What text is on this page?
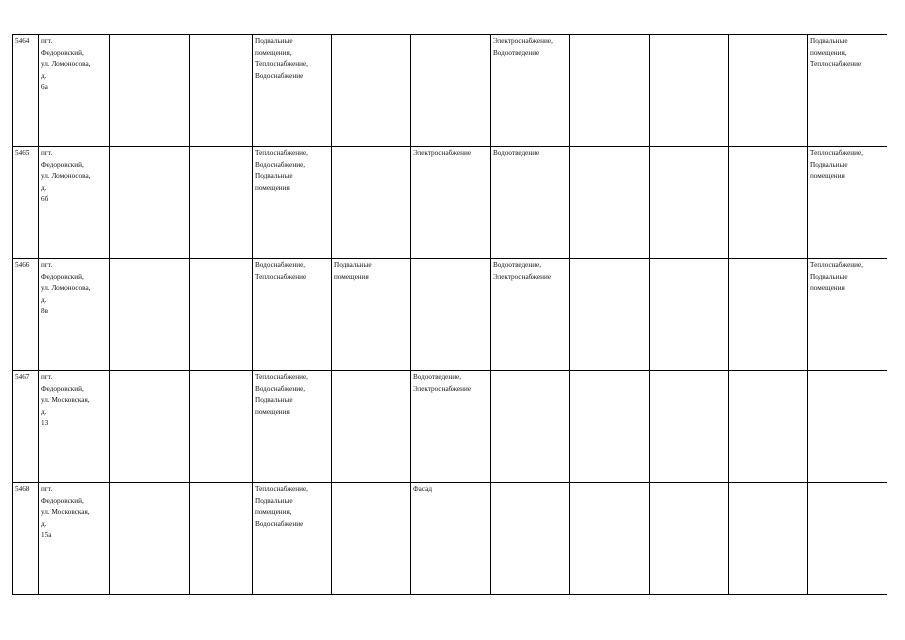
5464	пгт.
Федоровский,
ул. Ломоносова,
д.
6а			Подвальные
помещения,
Теплоснабжение,
Водоснабжение			Электроснабжение,
Водоотведение				Подвальные
помещения,
Теплоснабжение
5465	пгт.
Федоровский,
ул. Ломоносова,
д.
6б			Теплоснабжение,
Водоснабжение,
Подвальные
помещения		Электроснабжение	Водоотведение				Теплоснабжение,
Подвальные
помещения
5466	пгт.
Федоровский,
ул. Ломоносова,
д.
8в			Водоснабжение,
Теплоснабжение	Подвальные
помещения		Водоотведение,
Электроснабжение				Теплоснабжение,
Подвальные
помещения
5467	пгт.
Федоровский,
ул. Московская,
д.
13			Теплоснабжение,
Водоснабжение,
Подвальные
помещения		Водоотведение,
Электроснабжение					
5468	пгт.
Федоровский,
ул. Московская,
д.
15а			Теплоснабжение,
Подвальные
помещения,
Водоснабжение		Фасад					
